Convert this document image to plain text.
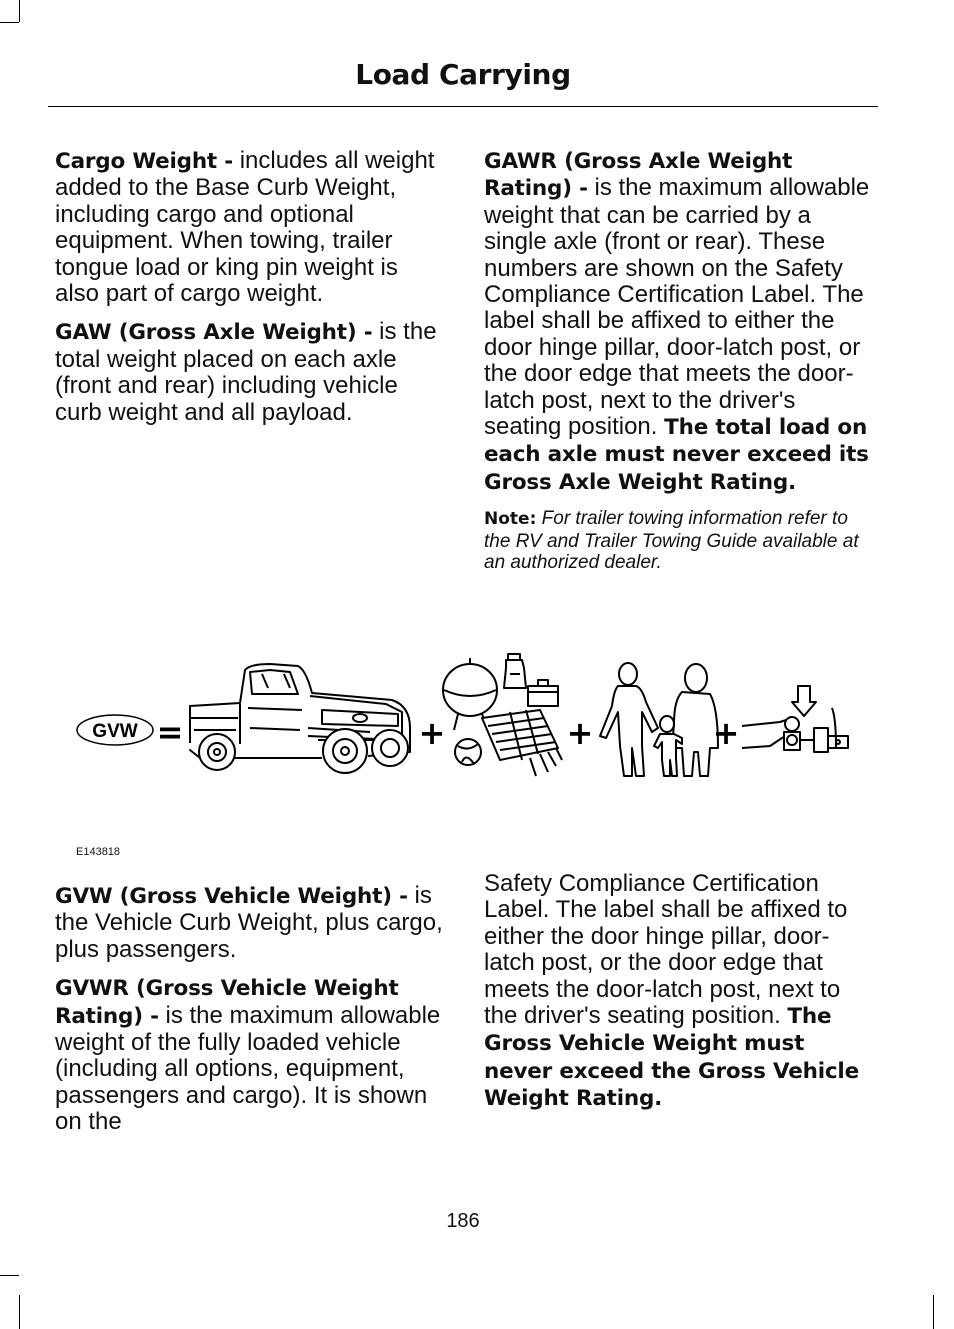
Load Carrying

Cargo Weight - includes all weight added to the Base Curb Weight, including cargo and optional equipment. When towing, trailer tongue load or king pin weight is also part of cargo weight.

GAW (Gross Axle Weight) - is the total weight placed on each axle (front and rear) including vehicle curb weight and all payload.

GAWR (Gross Axle Weight Rating) - is the maximum allowable weight that can be carried by a single axle (front or rear). These numbers are shown on the Safety Compliance Certification Label. The label shall be affixed to either the door hinge pillar, door-latch post, or the door edge that meets the door-latch post, next to the driver's seating position. The total load on each axle must never exceed its Gross Axle Weight Rating.

Note: For trailer towing information refer to the RV and Trailer Towing Guide available at an authorized dealer.

GVW =	+	+	+
E143818

GVW (Gross Vehicle Weight) - is the Vehicle Curb Weight, plus cargo, plus passengers.

GVWR (Gross Vehicle Weight Rating) - is the maximum allowable weight of the fully loaded vehicle (including all options, equipment, passengers and cargo). It is shown on the

Safety Compliance Certification Label. The label shall be affixed to either the door hinge pillar, door-latch post, or the door edge that meets the door-latch post, next to the driver's seating position. The Gross Vehicle Weight must never exceed the Gross Vehicle Weight Rating.

186
